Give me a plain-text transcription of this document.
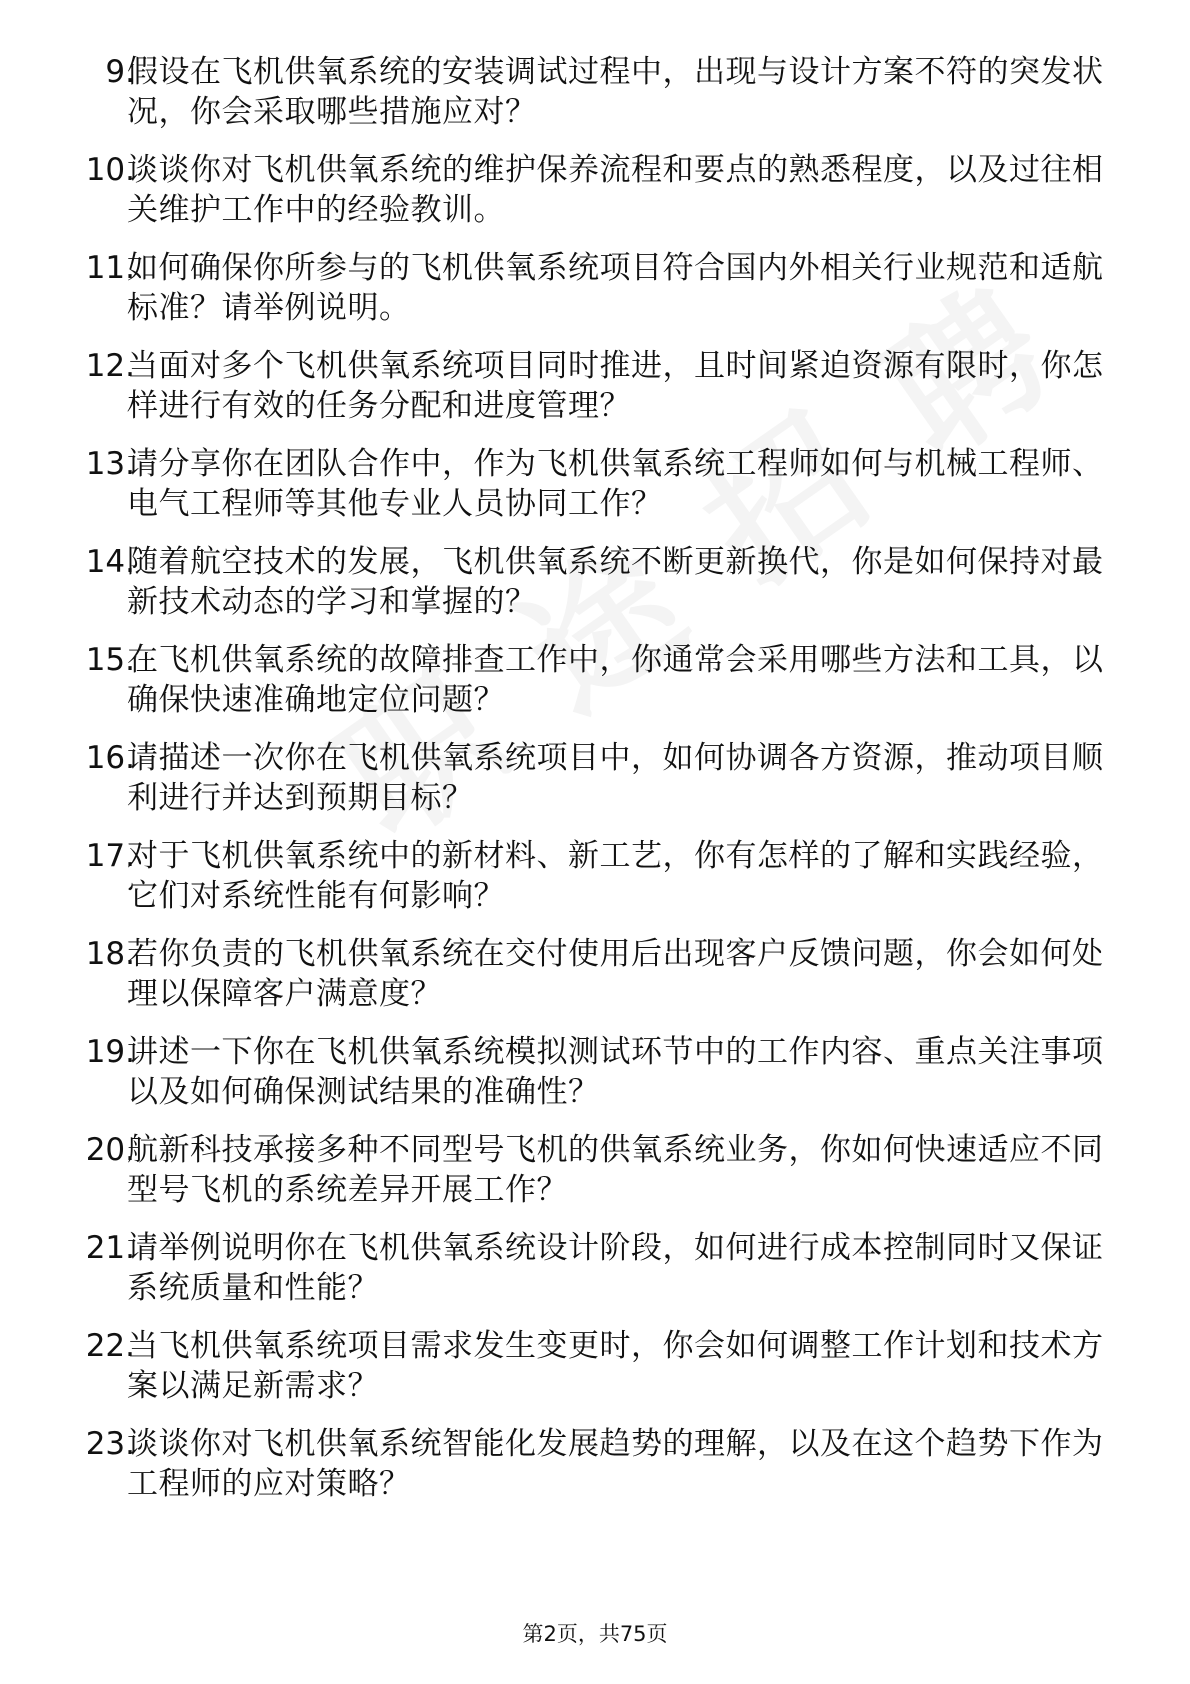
9.
假设在飞机供氧系统的安装调试过程中，出现与设计方案不符的突发状况，你会采取哪些措施应对？
10.
谈谈你对飞机供氧系统的维护保养流程和要点的熟悉程度，以及过往相关维护工作中的经验教训。
11.
如何确保你所参与的飞机供氧系统项目符合国内外相关行业规范和适航标准？请举例说明。
12.
当面对多个飞机供氧系统项目同时推进，且时间紧迫资源有限时，你怎样进行有效的任务分配和进度管理？
13.
请分享你在团队合作中，作为飞机供氧系统工程师如何与机械工程师、电气工程师等其他专业人员协同工作？
14.
随着航空技术的发展，飞机供氧系统不断更新换代，你是如何保持对最新技术动态的学习和掌握的？
15.
在飞机供氧系统的故障排查工作中，你通常会采用哪些方法和工具，以确保快速准确地定位问题？
16.
请描述一次你在飞机供氧系统项目中，如何协调各方资源，推动项目顺利进行并达到预期目标？
17.
对于飞机供氧系统中的新材料、新工艺，你有怎样的了解和实践经验，它们对系统性能有何影响？
18.
若你负责的飞机供氧系统在交付使用后出现客户反馈问题，你会如何处理以保障客户满意度？
19.
讲述一下你在飞机供氧系统模拟测试环节中的工作内容、重点关注事项以及如何确保测试结果的准确性？
20.
航新科技承接多种不同型号飞机的供氧系统业务，你如何快速适应不同型号飞机的系统差异开展工作？
21.
请举例说明你在飞机供氧系统设计阶段，如何进行成本控制同时又保证系统质量和性能？
22.
当飞机供氧系统项目需求发生变更时，你会如何调整工作计划和技术方案以满足新需求？
23.
谈谈你对飞机供氧系统智能化发展趋势的理解，以及在这个趋势下作为工程师的应对策略？
第2页，共75页
